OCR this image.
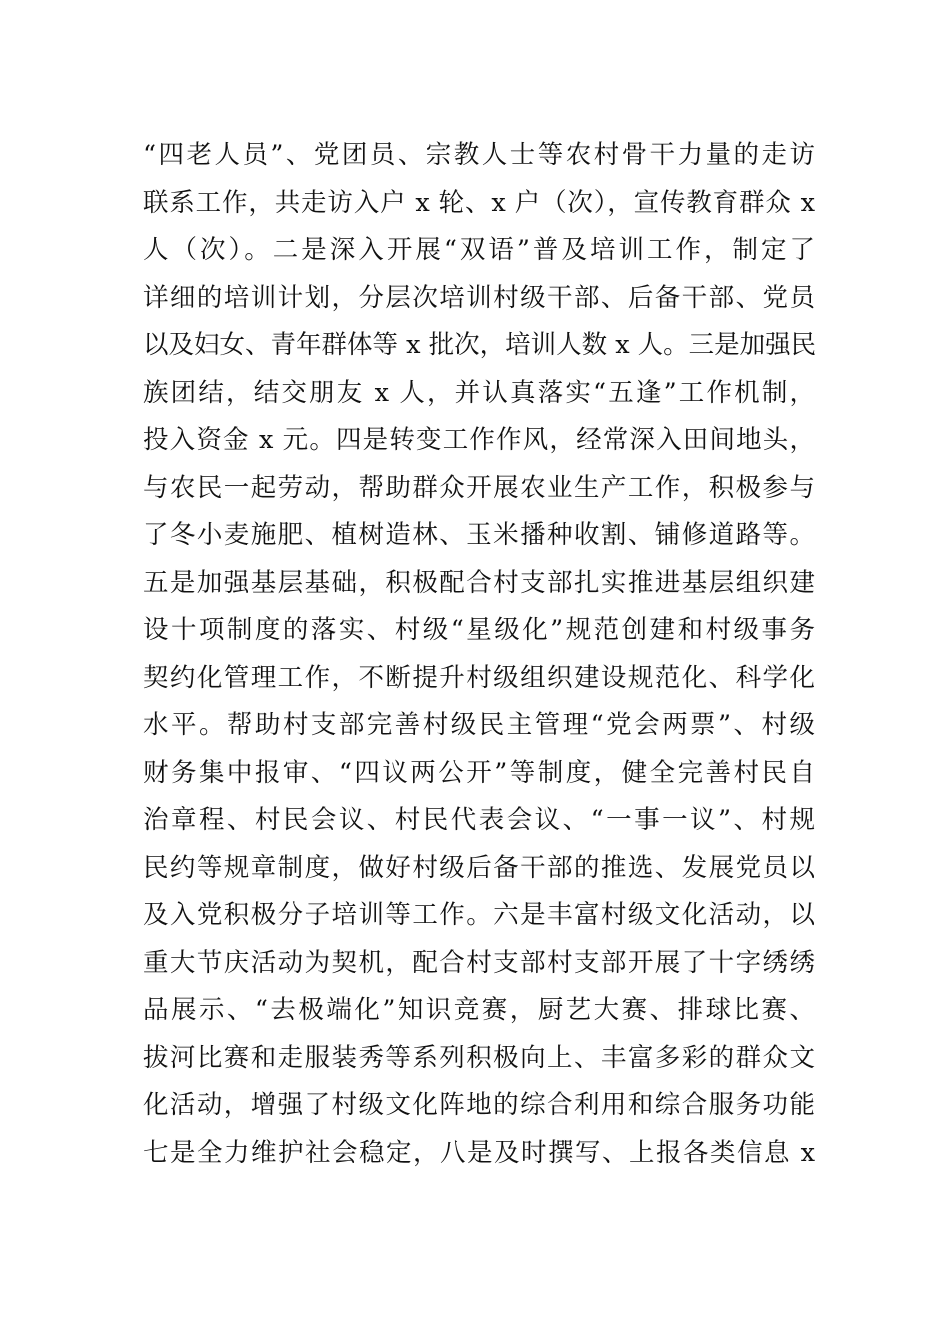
“四老人员”、党团员、宗教人士等农村骨干力量的走访
联系工作，共走访入户 x 轮、x 户（次），宣传教育群众 x
人（次）。二是深入开展“双语”普及培训工作，制定了
详细的培训计划，分层次培训村级干部、后备干部、党员
以及妇女、青年群体等 x 批次，培训人数 x 人。三是加强民
族团结，结交朋友 x 人，并认真落实“五逢”工作机制，
投入资金 x 元。四是转变工作作风，经常深入田间地头，
与农民一起劳动，帮助群众开展农业生产工作，积极参与
了冬小麦施肥、植树造林、玉米播种收割、铺修道路等。
五是加强基层基础，积极配合村支部扎实推进基层组织建
设十项制度的落实、村级“星级化”规范创建和村级事务
契约化管理工作，不断提升村级组织建设规范化、科学化
水平。帮助村支部完善村级民主管理“党会两票”、村级
财务集中报审、“四议两公开”等制度，健全完善村民自
治章程、村民会议、村民代表会议、“一事一议”、村规
民约等规章制度，做好村级后备干部的推选、发展党员以
及入党积极分子培训等工作。六是丰富村级文化活动，以
重大节庆活动为契机，配合村支部村支部开展了十字绣绣
品展示、“去极端化”知识竞赛，厨艺大赛、排球比赛、
拔河比赛和走服装秀等系列积极向上、丰富多彩的群众文
化活动，增强了村级文化阵地的综合利用和综合服务功能
七是全力维护社会稳定，八是及时撰写、上报各类信息 x
